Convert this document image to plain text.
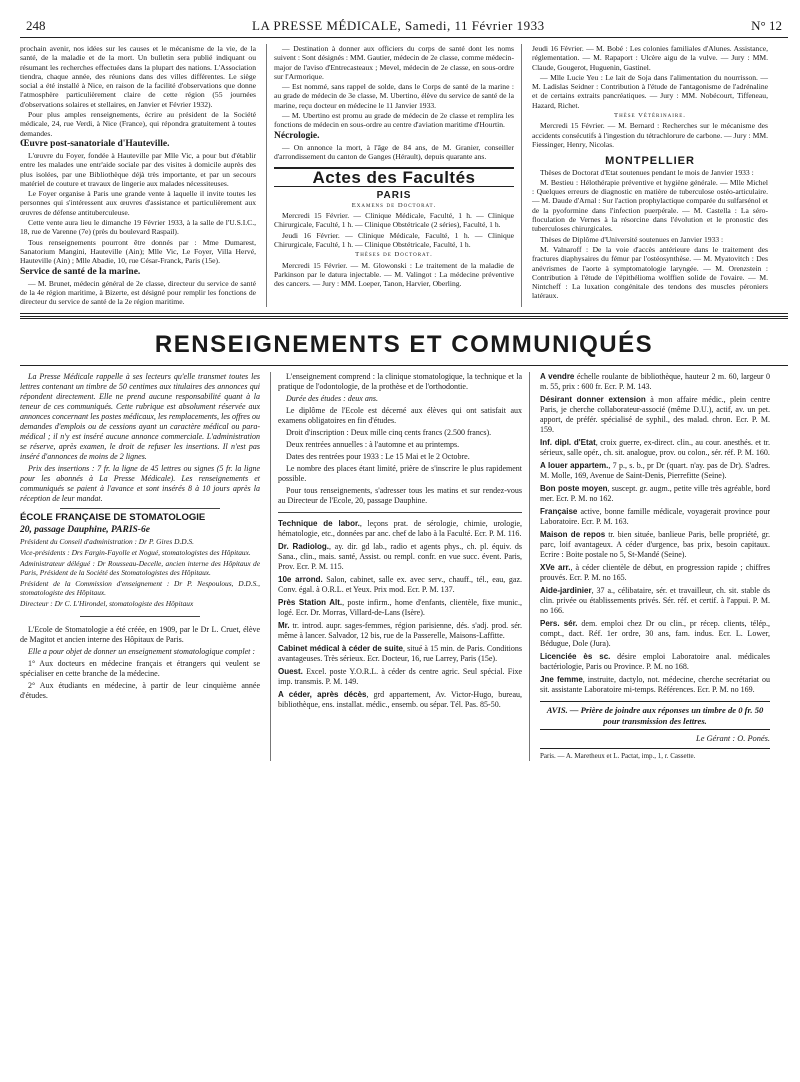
248	LA PRESSE MÉDICALE, Samedi, 11 Février 1933	N° 12

prochain avenir, nos idées sur les causes et le mécanisme de la vie, de la santé, de la maladie et de la mort. Un bulletin sera publié indiquant ou résumant les recherches effectuées dans la plupart des nations. L'Association tiendra, chaque année, des réunions dans des villes différentes. Le siège social a été installé à Nice, en raison de la facilité d'observations que donne l'atmosphère particulièrement claire de cette région (55 journées d'observations solaires et stellaires, en Janvier et Février 1932).

Pour plus amples renseignements, écrire au président de la Société médicale, 24, rue Verdi, à Nice (France), qui répondra gratuitement à toutes demandes.

Œuvre post-sanatoriale d'Hauteville.

L'œuvre du Foyer, fondée à Hauteville par Mlle Vic, a pour but d'établir entre les malades une entr'aide sociale par des visites à domicile auprès des plus isolées, par une Bibliothèque déjà très importante, et par un secours matériel de couture et travaux de lingerie aux malades nécessiteuses.

Le Foyer organise à Paris une grande vente à laquelle il invite toutes les personnes qui s'intéressent aux œuvres d'assistance et particulièrement aux œuvres de défense antituberculeuse.

Cette vente aura lieu le dimanche 19 Février 1933, à la salle de l'U.S.I.C., 18, rue de Varenne (7e) (près du boulevard Raspail).

Tous renseignements pourront être donnés par : Mme Dumarest, Sanatorium Mangini, Hauteville (Ain); Mlle Vic, Le Foyer, Villa Hervé, Hauteville (Ain) ; Mlle Abadie, 10, rue César-Franck, Paris (15e).

Service de santé de la marine.

— M. Brunet, médecin général de 2e classe, directeur du service de santé de la 4e région maritime, à Bizerte, est désigné pour remplir les fonctions de directeur du service de santé de la 2e région maritime.

— Destination à donner aux officiers du corps de santé dont les noms suivent : Sont désignés : MM. Gautier, médecin de 2e classe, comme médecin-major de l'aviso d'Entrecasteaux ; Mevel, médecin de 2e classe, en sous-ordre sur l'Armorique.

— Est nommé, sans rappel de solde, dans le Corps de santé de la marine : au grade de médecin de 3e classe, M. Ubertino, élève du service de santé de la marine, reçu docteur en médecine le 11 Janvier 1933.

— M. Ubertino est promu au grade de médecin de 2e classe et remplira les fonctions de médecin en sous-ordre au centre d'aviation maritime d'Hourtin.

Nécrologie.

— On annonce la mort, à l'âge de 84 ans, de M. Granier, conseiller d'arrondissement du canton de Ganges (Hérault), depuis quarante ans.

Actes des Facultés

PARIS

Examens de Doctorat.

Mercredi 15 Février. — Clinique Médicale, Faculté, 1 h. — Clinique Chirurgicale, Faculté, 1 h. — Clinique Obstétricale (2 séries), Faculté, 1 h.

Jeudi 16 Février. — Clinique Médicale, Faculté, 1 h. — Clinique Chirurgicale, Faculté, 1 h. — Clinique Obstétricale, Faculté, 1 h.

Thèses de Doctorat.

Mercredi 15 Février. — M. Glowonski : Le traitement de la maladie de Parkinson par le datura injectable. — M. Valingot : La médecine préventive des cancers. — Jury : MM. Loeper, Tanon, Harvier, Oberling.

Jeudi 16 Février. — M. Bobé : Les colonies familiales d'Alunes. Assistance, réglementation. — M. Rapaport : Ulcère aigu de la vulve. — Jury : MM. Claude, Gougerot, Huguenin, Gastinel.

— Mlle Lucie Yeu : Le lait de Soja dans l'alimentation du nourrisson. — M. Ladislas Seidner : Contribution à l'étude de l'antagonisme de l'adrénaline et de certains extraits pancréatiques. — Jury : MM. Nobécourt, Tiffeneau, Hazard, Richet.

Thèse Vétérinaire.

Mercredi 15 Février. — M. Bernard : Recherches sur le mécanisme des accidents consécutifs à l'ingestion du tétrachlorure de carbone. — Jury : MM. Fiessinger, Henry, Nicolas.

MONTPELLIER

Thèses de Doctorat d'Etat soutenues pendant le mois de Janvier 1933 :

M. Bestieu : Hélothérapie préventive et hygiène générale. — Mlle Michel : Quelques erreurs de diagnostic en matière de tuberculose ostéo-articulaire. — M. Daude d'Arnal : Sur l'action prophylactique comparée du sulfarsénol et de la pyoformine dans l'infection puerpérale. — M. Castella : La séro-floculation de Vernes à la résorcine dans l'évolution et le pronostic des tuberculoses chirurgicales.

Thèses de Diplôme d'Université soutenues en Janvier 1933 :

M. Valnaroff : De la voie d'accès antérieure dans le traitement des fractures diaphysaires du fémur par l'ostéosynthèse. — M. Myatovitch : Des anévrismes de l'aorte à symptomatologie laryngée. — M. Orenzstein : Contribution à l'étude de l'épithélioma wolffien solide de l'ovaire. — M. Nintcheff : La luxation congénitale des tendons des muscles péroniers latéraux.

RENSEIGNEMENTS ET COMMUNIQUÉS

La Presse Médicale rappelle à ses lecteurs qu'elle transmet toutes les lettres contenant un timbre de 50 centimes aux titulaires des annonces qui répondent directement. Elle ne prend aucune responsabilité quant à la teneur de ces communiqués. Cette rubrique est absolument réservée aux annonces concernant les postes médicaux, les remplacements, les offres ou demandes d'emplois ou de cessions ayant un caractère médical ou para-médical ; il n'y est inséré aucune annonce commerciale. L'administration se réserve, après examen, le droit de refuser les insertions. Il n'est pas inséré d'annonces de moins de 2 lignes.

Prix des insertions : 7 fr. la ligne de 45 lettres ou signes (5 fr. la ligne pour les abonnés à La Presse Médicale). Les renseignements et communiqués se paient à l'avance et sont insérés 8 à 10 jours après la réception de leur mandat.

ÉCOLE FRANÇAISE DE STOMATOLOGIE

20, passage Dauphine, PARIS-6e

Président du Conseil d'administration : Dr P. Gires D.D.S.

Vice-présidents : Drs Fargin-Fayolle et Nogué, stomatologistes des Hôpitaux.

Administrateur délégué : Dr Rousseau-Decelle, ancien interne des Hôpitaux de Paris, Président de la Société des Stomatologistes des Hôpitaux.

Président de la Commission d'enseignement : Dr P. Nespoulous, D.D.S., stomatologiste des Hôpitaux.

Directeur : Dr C. L'Hirondel, stomatologiste des Hôpitaux

L'Ecole de Stomatologie a été créée, en 1909, par le Dr L. Cruet, élève de Magitot et ancien interne des Hôpitaux de Paris.

Elle a pour objet de donner un enseignement stomatologique complet :

1° Aux docteurs en médecine français et étrangers qui veulent se spécialiser en cette branche de la médecine.

2° Aux étudiants en médecine, à partir de leur cinquième année d'études.

L'enseignement comprend : la clinique stomatologique, la technique et la pratique de l'odontologie, de la prothèse et de l'orthodontie.

Durée des études : deux ans.

Le diplôme de l'Ecole est décerné aux élèves qui ont satisfait aux examens obligatoires en fin d'études.

Droit d'inscription : Deux mille cinq cents francs (2.500 francs).

Deux rentrées annuelles : à l'automne et au printemps.

Dates des rentrées pour 1933 : Le 15 Mai et le 2 Octobre.

Le nombre des places étant limité, prière de s'inscrire le plus rapidement possible.

Pour tous renseignements, s'adresser tous les matins et sur rendez-vous au Directeur de l'Ecole, 20, passage Dauphine.

Technique de labor., leçons prat. de sérologie, chimie, urologie, hématologie, etc., données par anc. chef de labo à la Faculté. Ecr. P. M. 116.

Dr. Radiolog., ay. dir. gd lab., radio et agents phys., ch. pl. équiv. ds Sana., clin., mais. santé, Assist. ou rempl. confr. en vue succ. évent. Paris, Prov. Ecr. P. M. 115.

10e arrond. Salon, cabinet, salle ex. avec serv., chauff., tél., eau, gaz. Conv. égal. à O.R.L. et Yeux. Prix mod. Ecr. P. M. 137.

Près Station Alt., poste infirm., home d'enfants, clientèle, fixe munic., logé. Ecr. Dr. Morras, Villard-de-Lans (Isère).

Mr. tr. introd. aupr. sages-femmes, région parisienne, dés. s'adj. prod. sér. même à lancer. Salvador, 12 bis, rue de la Passerelle, Maisons-Laffitte.

Cabinet médical à céder de suite, situé à 15 min. de Paris. Conditions avantageuses. Très sérieux. Ecr. Docteur, 16, rue Larrey, Paris (15e).

Ouest. Excel. poste Y.O.R.L. à céder ds centre agric. Seul spécial. Fixe imp. transmis. P. M. 149.

A céder, après décès, grd appartement, Av. Victor-Hugo, bureau, bibliothèque, ens. installat. médic., ensemb. ou sépar. Tél. Pas. 85-50.

A vendre échelle roulante de bibliothèque, hauteur 2 m. 60, largeur 0 m. 55, prix : 600 fr. Ecr. P. M. 143.

Désirant donner extension à mon affaire médic., plein centre Paris, je cherche collaborateur-associé (même D.U.), actif, av. un pet. apport, de préfér. spécialisé de syphil., des malad. chron. Ecr. P. M. 159.

Inf. dipl. d'Etat, croix guerre, ex-direct. clin., au cour. anesthés. et tr. sérieux, salle opér., ch. sit. analogue, prov. ou colon., sér. réf. P. M. 160.

A louer appartem., 7 p., s. b., pr Dr (quart. n'ay. pas de Dr). S'adres. M. Molle, 169, Avenue de Saint-Denis, Pierrefitte (Seine).

Bon poste moyen, suscept. gr. augm., petite ville très agréable, bord mer. Ecr. P. M. no 162.

Française active, bonne famille médicale, voyagerait province pour Laboratoire. Ecr. P. M. 163.

Maison de repos tr. bien située, banlieue Paris, belle propriété, gr. parc, loif avantageux. A céder d'urgence, bas prix, besoin capitaux. Ecrire : Boite postale no 5, St-Mandé (Seine).

XVe arr., à céder clientèle de début, en progression rapide ; chiffres prouvés. Ecr. P. M. no 165.

Aide-jardinier, 37 a., célibataire, sér. et travailleur, ch. sit. stable ds clin. privée ou établissements privés. Sér. réf. et certif. à l'appui. P. M. no 166.

Pers. sér. dem. emploi chez Dr ou clin., pr récep. clients, télép., compt., dact. Réf. 1er ordre, 30 ans, fam. indus. Ecr. L. Lower, Bédugue, Dole (Jura).

Licenciée ès sc. désire emploi Laboratoire anal. médicales bactériologie, Paris ou Province. P. M. no 168.

Jne femme, instruite, dactylo, not. médecine, cherche secrétariat ou sit. assistante Laboratoire mi-temps. Références. Ecr. P. M. no 169.

AVIS. — Prière de joindre aux réponses un timbre de 0 fr. 50 pour transmission des lettres.
Le Gérant : O. Ponés.
Paris. — A. Maretheux et L. Pactat, imp., 1, r. Cassette.
